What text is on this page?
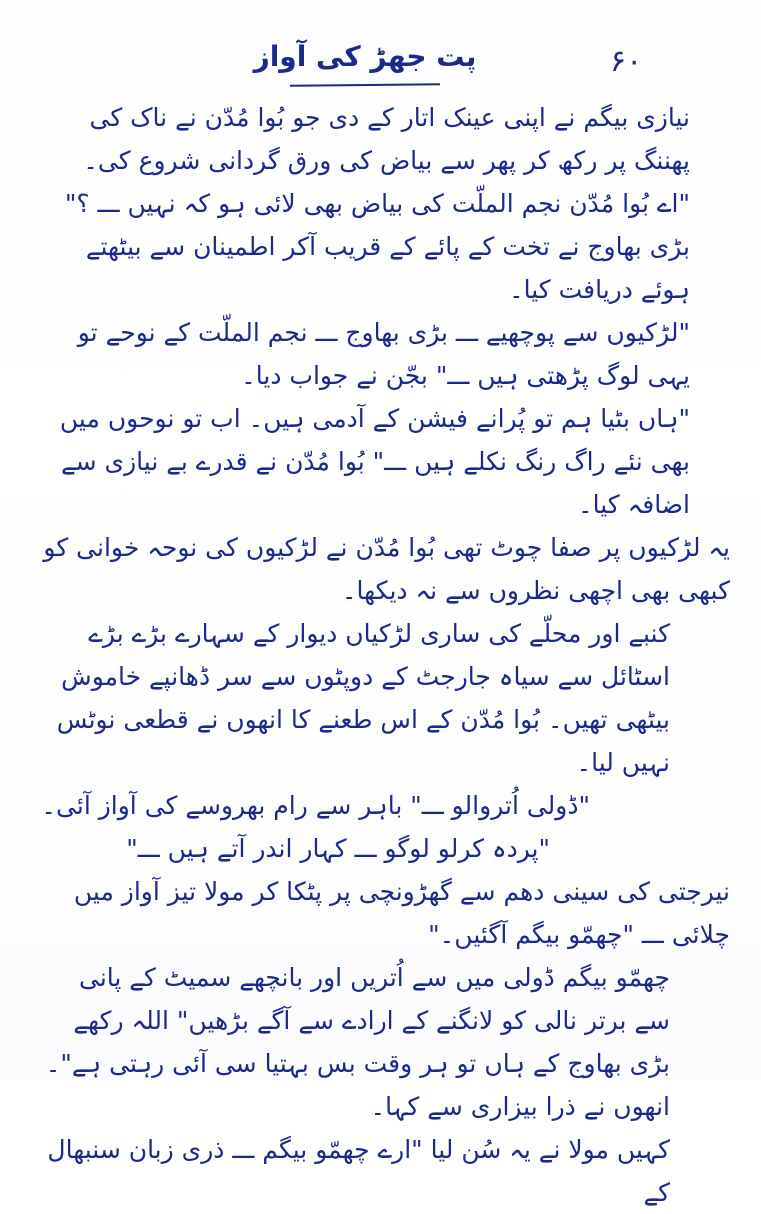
۶۰
پت جھڑ کی آواز

نیازی بیگم نے اپنی عینک اتار کے دی جو بُوا مُدّن نے ناک کی پھننگ پر رکھ کر پھر سے بیاض کی ورق گردانی شروع کی۔

"اے بُوا مُدّن نجم الملّت کی بیاض بھی لائی ہو کہ نہیں ـــ ؟" بڑی بھاوج نے تخت کے پائے کے قریب آکر اطمینان سے بیٹھتے ہوئے دریافت کیا۔

"لڑکیوں سے پوچھیے ـــ بڑی بھاوج ـــ نجم الملّت کے نوحے تو یہی لوگ پڑھتی ہیں ـــ" بجّن نے جواب دیا۔

"ہاں بٹیا ہم تو پُرانے فیشن کے آدمی ہیں۔ اب تو نوحوں میں بھی نئے راگ رنگ نکلے ہیں ـــ" بُوا مُدّن نے قدرے بے نیازی سے اضافہ کیا۔

یہ لڑکیوں پر صفا چوٹ تھی بُوا مُدّن نے لڑکیوں کی نوحہ خوانی کو کبھی بھی اچھی نظروں سے نہ دیکھا۔

کنبے اور محلّے کی ساری لڑکیاں دیوار کے سہارے بڑے بڑے اسٹائل سے سیاہ جارجٹ کے دوپٹوں سے سر ڈھانپے خاموش بیٹھی تھیں۔ بُوا مُدّن کے اس طعنے کا انھوں نے قطعی نوٹس نہیں لیا۔

"ڈولی اُتروالو ـــ" باہر سے رام بھروسے کی آواز آئی۔

"پردہ کرلو لوگو ـــ کہار اندر آتے ہیں ـــ"

نیرجتی کی سینی دھم سے گھڑونچی پر پٹکا کر مولا تیز آواز میں چلائی ـــ "چھمّو بیگم آگئیں۔"

چھمّو بیگم ڈولی میں سے اُتریں اور بانچھے سمیٹ کے پانی سے برتر نالی کو لانگنے کے ارادے سے آگے بڑھیں" اللہ رکھے بڑی بھاوج کے ہاں تو ہر وقت بس بہتیا سی آئی رہتی ہے"۔ انھوں نے ذرا بیزاری سے کہا۔

کہیں مولا نے یہ سُن لیا "ارے چھمّو بیگم ـــ ذری زبان سنبھال کے
